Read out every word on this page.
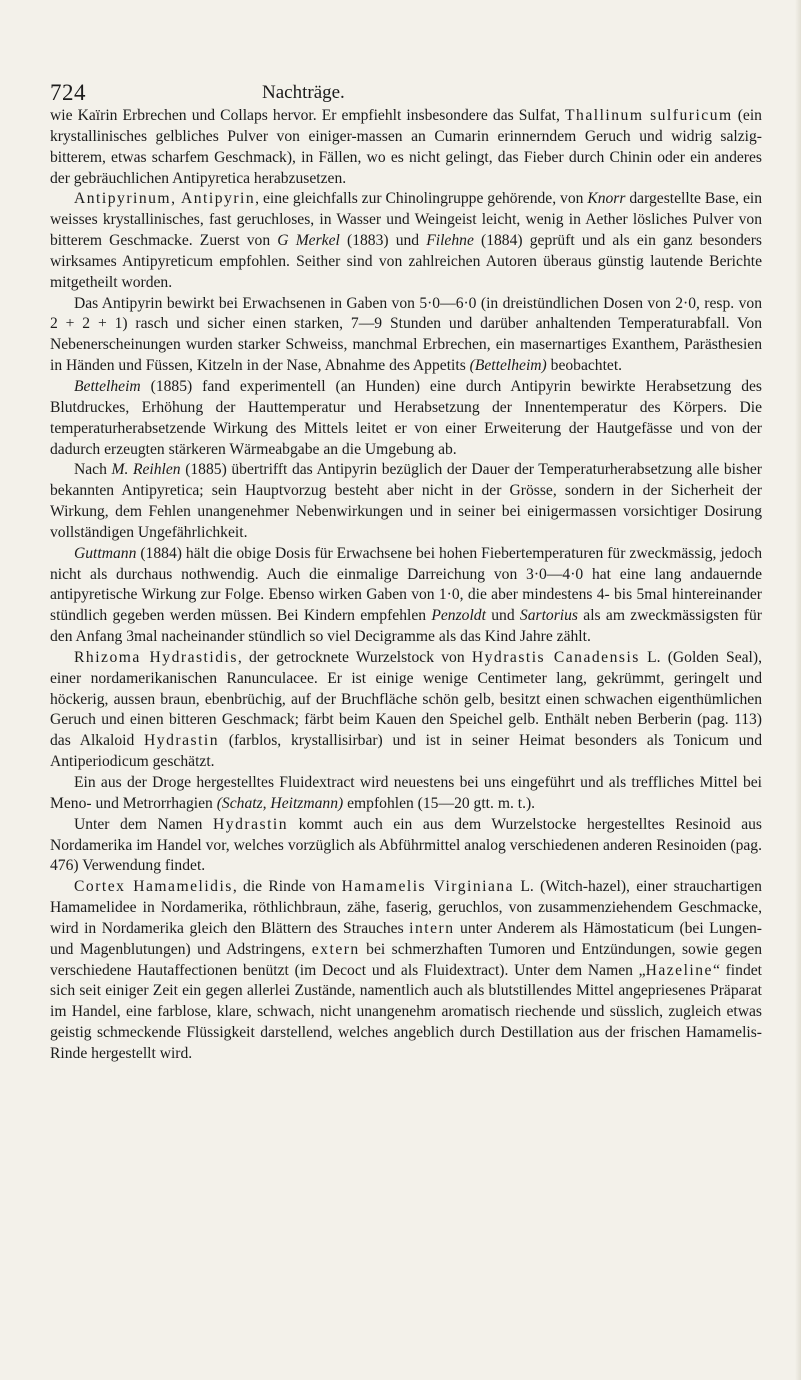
724	Nachträge.

wie Kaïrin Erbrechen und Collaps hervor. Er empfiehlt insbesondere das Sulfat, Thallinum sulfuricum (ein krystallinisches gelbliches Pulver von einiger-massen an Cumarin erinnerndem Geruch und widrig salzig-bitterem, etwas scharfem Geschmack), in Fällen, wo es nicht gelingt, das Fieber durch Chinin oder ein anderes der gebräuchlichen Antipyretica herabzusetzen.

Antipyrinum, Antipyrin, eine gleichfalls zur Chinolingruppe gehörende, von Knorr dargestellte Base, ein weisses krystallinisches, fast geruchloses, in Wasser und Weingeist leicht, wenig in Aether lösliches Pulver von bitterem Geschmacke. Zuerst von G Merkel (1883) und Filehne (1884) geprüft und als ein ganz besonders wirksames Antipyreticum empfohlen. Seither sind von zahlreichen Autoren überaus günstig lautende Berichte mitgetheilt worden.

Das Antipyrin bewirkt bei Erwachsenen in Gaben von 5·0—6·0 (in dreistündlichen Dosen von 2·0, resp. von 2 + 2 + 1) rasch und sicher einen starken, 7—9 Stunden und darüber anhaltenden Temperaturabfall. Von Nebenerscheinungen wurden starker Schweiss, manchmal Erbrechen, ein masernartiges Exanthem, Parästhesien in Händen und Füssen, Kitzeln in der Nase, Abnahme des Appetits (Bettelheim) beobachtet.

Bettelheim (1885) fand experimentell (an Hunden) eine durch Antipyrin bewirkte Herabsetzung des Blutdruckes, Erhöhung der Hauttemperatur und Herabsetzung der Innentemperatur des Körpers. Die temperaturherabsetzende Wirkung des Mittels leitet er von einer Erweiterung der Hautgefässe und von der dadurch erzeugten stärkeren Wärmeabgabe an die Umgebung ab.

Nach M. Reihlen (1885) übertrifft das Antipyrin bezüglich der Dauer der Temperaturherabsetzung alle bisher bekannten Antipyretica; sein Hauptvorzug besteht aber nicht in der Grösse, sondern in der Sicherheit der Wirkung, dem Fehlen unangenehmer Nebenwirkungen und in seiner bei einigermassen vorsichtiger Dosirung vollständigen Ungefährlichkeit.

Guttmann (1884) hält die obige Dosis für Erwachsene bei hohen Fiebertemperaturen für zweckmässig, jedoch nicht als durchaus nothwendig. Auch die einmalige Darreichung von 3·0—4·0 hat eine lang andauernde antipyretische Wirkung zur Folge. Ebenso wirken Gaben von 1·0, die aber mindestens 4- bis 5mal hintereinander stündlich gegeben werden müssen. Bei Kindern empfehlen Penzoldt und Sartorius als am zweckmässigsten für den Anfang 3mal nacheinander stündlich so viel Decigramme als das Kind Jahre zählt.

Rhizoma Hydrastidis, der getrocknete Wurzelstock von Hydrastis Canadensis L. (Golden Seal), einer nordamerikanischen Ranunculacee. Er ist einige wenige Centimeter lang, gekrümmt, geringelt und höckerig, aussen braun, ebenbrüchig, auf der Bruchfläche schön gelb, besitzt einen schwachen eigenthümlichen Geruch und einen bitteren Geschmack; färbt beim Kauen den Speichel gelb. Enthält neben Berberin (pag. 113) das Alkaloid Hydrastin (farblos, krystallisirbar) und ist in seiner Heimat besonders als Tonicum und Antiperiodicum geschätzt.

Ein aus der Droge hergestelltes Fluidextract wird neuestens bei uns eingeführt und als treffliches Mittel bei Meno- und Metrorrhagien (Schatz, Heitzmann) empfohlen (15—20 gtt. m. t.).

Unter dem Namen Hydrastin kommt auch ein aus dem Wurzelstocke hergestelltes Resinoid aus Nordamerika im Handel vor, welches vorzüglich als Abführmittel analog verschiedenen anderen Resinoiden (pag. 476) Verwendung findet.

Cortex Hamamelidis, die Rinde von Hamamelis Virginiana L. (Witch-hazel), einer strauchartigen Hamamelidee in Nordamerika, röthlichbraun, zähe, faserig, geruchlos, von zusammenziehendem Geschmacke, wird in Nordamerika gleich den Blättern des Strauches intern unter Anderem als Hämostaticum (bei Lungen- und Magenblutungen) und Adstringens, extern bei schmerzhaften Tumoren und Entzündungen, sowie gegen verschiedene Hautaffectionen benützt (im Decoct und als Fluidextract). Unter dem Namen „Hazeline“ findet sich seit einiger Zeit ein gegen allerlei Zustände, namentlich auch als blutstillendes Mittel angepriesenes Präparat im Handel, eine farblose, klare, schwach, nicht unangenehm aromatisch riechende und süsslich, zugleich etwas geistig schmeckende Flüssigkeit darstellend, welches angeblich durch Destillation aus der frischen Hamamelis-Rinde hergestellt wird.
